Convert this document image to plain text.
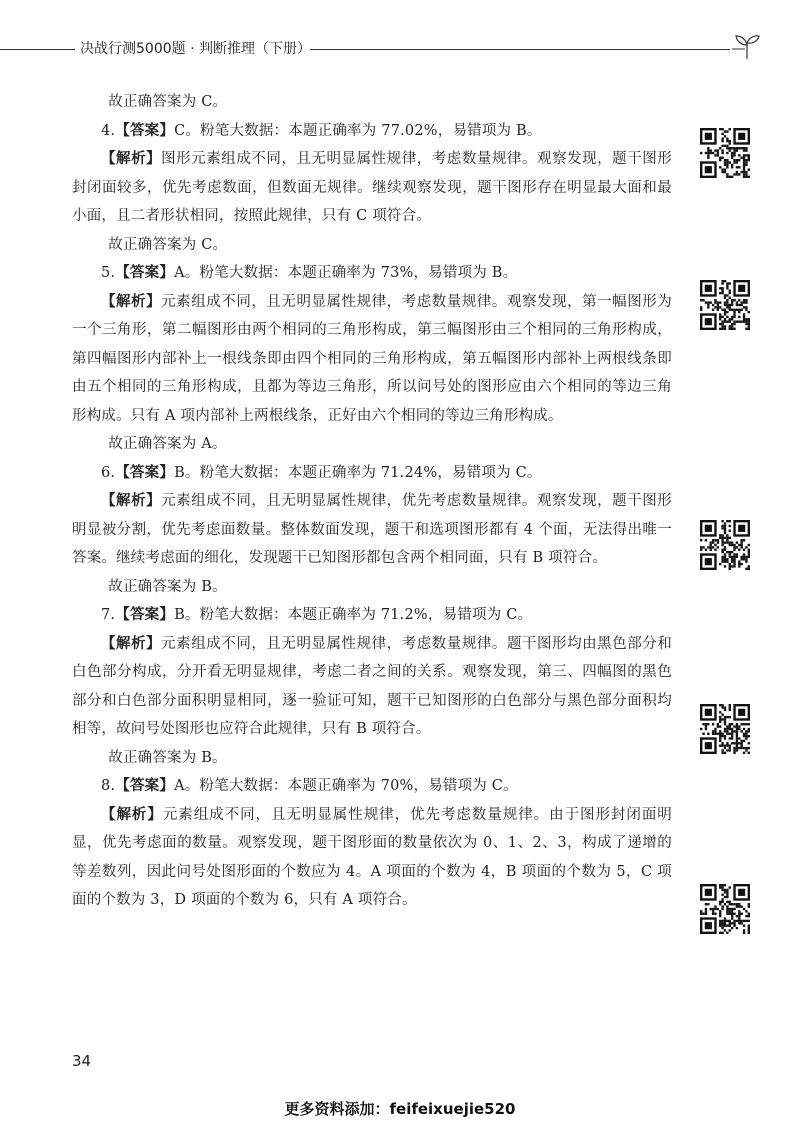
决战行测5000题 · 判断推理（下册）

故正确答案为 C。

4.【答案】C。粉笔大数据：本题正确率为 77.02%，易错项为 B。

【解析】图形元素组成不同，且无明显属性规律，考虑数量规律。观察发现，题干图形封闭面较多，优先考虑数面，但数面无规律。继续观察发现，题干图形存在明显最大面和最小面，且二者形状相同，按照此规律，只有 C 项符合。

故正确答案为 C。

5.【答案】A。粉笔大数据：本题正确率为 73%，易错项为 B。

【解析】元素组成不同，且无明显属性规律，考虑数量规律。观察发现，第一幅图形为一个三角形，第二幅图形由两个相同的三角形构成，第三幅图形由三个相同的三角形构成，第四幅图形内部补上一根线条即由四个相同的三角形构成，第五幅图形内部补上两根线条即由五个相同的三角形构成，且都为等边三角形，所以问号处的图形应由六个相同的等边三角形构成。只有 A 项内部补上两根线条，正好由六个相同的等边三角形构成。

故正确答案为 A。

6.【答案】B。粉笔大数据：本题正确率为 71.24%，易错项为 C。

【解析】元素组成不同，且无明显属性规律，优先考虑数量规律。观察发现，题干图形明显被分割，优先考虑面数量。整体数面发现，题干和选项图形都有 4 个面，无法得出唯一答案。继续考虑面的细化，发现题干已知图形都包含两个相同面，只有 B 项符合。

故正确答案为 B。

7.【答案】B。粉笔大数据：本题正确率为 71.2%，易错项为 C。

【解析】元素组成不同，且无明显属性规律，考虑数量规律。题干图形均由黑色部分和白色部分构成，分开看无明显规律，考虑二者之间的关系。观察发现，第三、四幅图的黑色部分和白色部分面积明显相同，逐一验证可知，题干已知图形的白色部分与黑色部分面积均相等，故问号处图形也应符合此规律，只有 B 项符合。

故正确答案为 B。

8.【答案】A。粉笔大数据：本题正确率为 70%，易错项为 C。

【解析】元素组成不同，且无明显属性规律，优先考虑数量规律。由于图形封闭面明显，优先考虑面的数量。观察发现，题干图形面的数量依次为 0、1、2、3，构成了递增的等差数列，因此问号处图形面的个数应为 4。A 项面的个数为 4，B 项面的个数为 5，C 项面的个数为 3，D 项面的个数为 6，只有 A 项符合。

34
更多资料添加：feifeixuejie520
